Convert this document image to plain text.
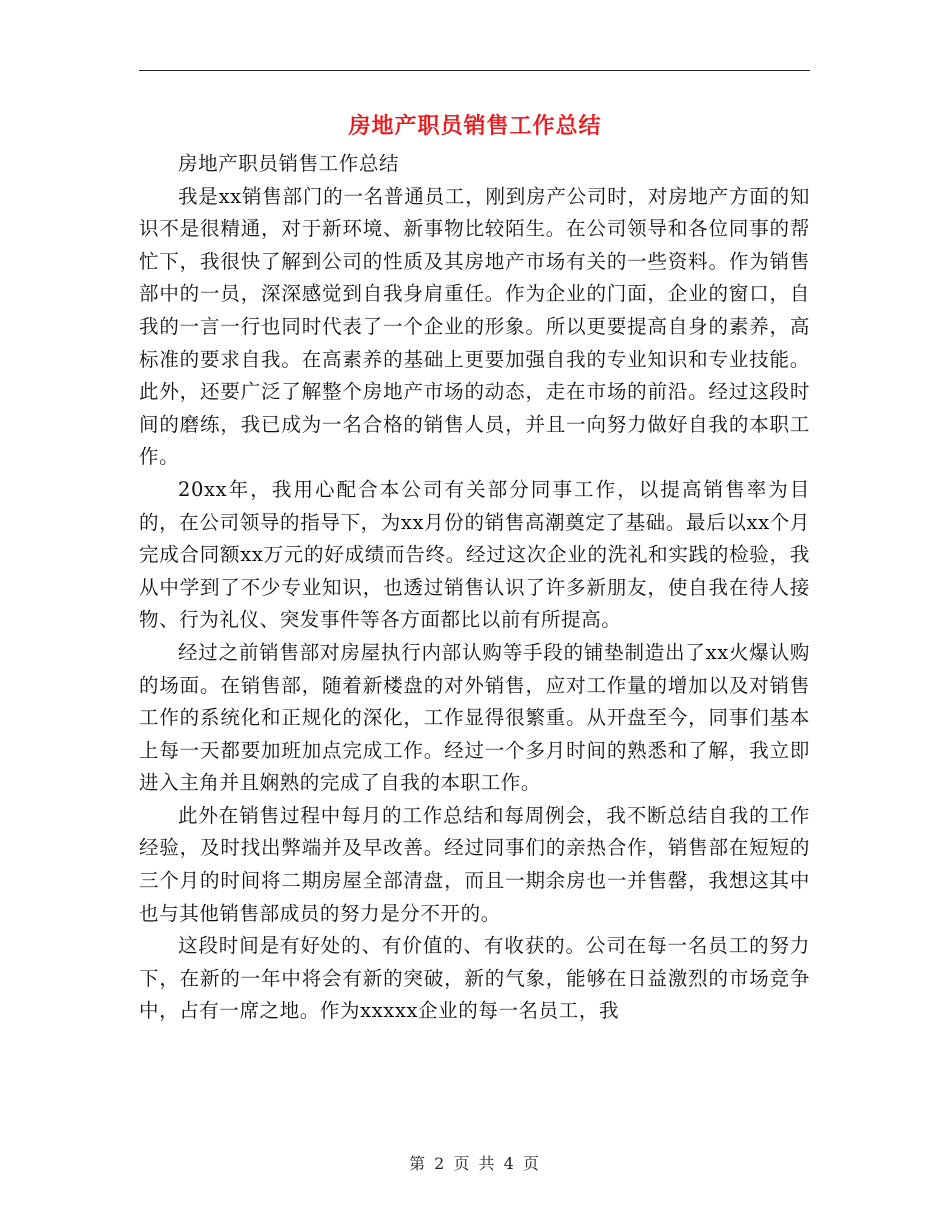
房地产职员销售工作总结

房地产职员销售工作总结

我是xx销售部门的一名普通员工，刚到房产公司时，对房地产方面的知识不是很精通，对于新环境、新事物比较陌生。在公司领导和各位同事的帮忙下，我很快了解到公司的性质及其房地产市场有关的一些资料。作为销售部中的一员，深深感觉到自我身肩重任。作为企业的门面，企业的窗口，自我的一言一行也同时代表了一个企业的形象。所以更要提高自身的素养，高标准的要求自我。在高素养的基础上更要加强自我的专业知识和专业技能。此外，还要广泛了解整个房地产市场的动态，走在市场的前沿。经过这段时间的磨练，我已成为一名合格的销售人员，并且一向努力做好自我的本职工作。

20xx年，我用心配合本公司有关部分同事工作，以提高销售率为目的，在公司领导的指导下，为xx月份的销售高潮奠定了基础。最后以xx个月完成合同额xx万元的好成绩而告终。经过这次企业的洗礼和实践的检验，我从中学到了不少专业知识，也透过销售认识了许多新朋友，使自我在待人接物、行为礼仪、突发事件等各方面都比以前有所提高。

经过之前销售部对房屋执行内部认购等手段的铺垫制造出了xx火爆认购的场面。在销售部，随着新楼盘的对外销售，应对工作量的增加以及对销售工作的系统化和正规化的深化，工作显得很繁重。从开盘至今，同事们基本上每一天都要加班加点完成工作。经过一个多月时间的熟悉和了解，我立即进入主角并且娴熟的完成了自我的本职工作。

此外在销售过程中每月的工作总结和每周例会，我不断总结自我的工作经验，及时找出弊端并及早改善。经过同事们的亲热合作，销售部在短短的三个月的时间将二期房屋全部清盘，而且一期余房也一并售罄，我想这其中也与其他销售部成员的努力是分不开的。

这段时间是有好处的、有价值的、有收获的。公司在每一名员工的努力下，在新的一年中将会有新的突破，新的气象，能够在日益激烈的市场竞争中，占有一席之地。作为xxxxx企业的每一名员工，我

第 2 页 共 4 页
